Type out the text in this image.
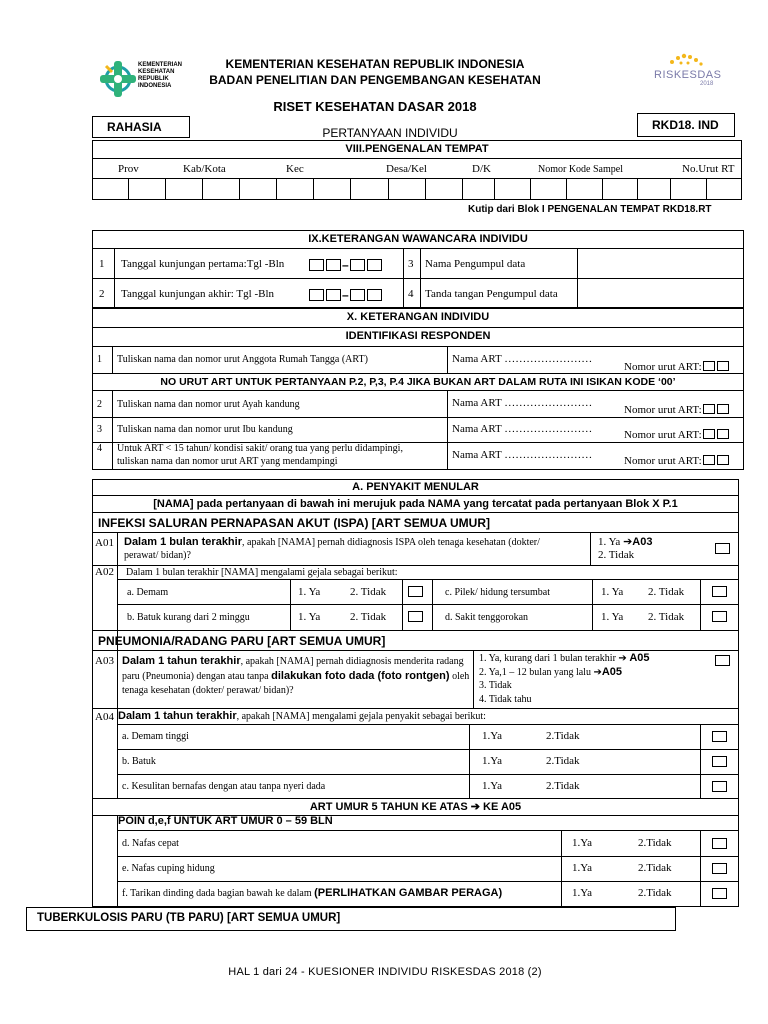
KEMENTERIAN
KESEHATAN
REPUBLIK
INDONESIA
RISKESDAS
2018
KEMENTERIAN KESEHATAN REPUBLIK INDONESIA
BADAN PENELITIAN DAN PENGEMBANGAN KESEHATAN
RISET KESEHATAN DASAR 2018
RAHASIA	RKD18. IND
PERTANYAAN INDIVIDU
VIII.PENGENALAN TEMPAT
Prov	Kab/Kota	Kec	Desa/Kel	D/K	Nomor Kode Sampel	No.Urut RT
Kutip dari Blok I PENGENALAN TEMPAT RKD18.RT
IX.KETERANGAN WAWANCARA INDIVIDU
1 Tanggal kunjungan pertama:Tgl -Bln	–	3 Nama Pengumpul data
2 Tanggal kunjungan akhir: Tgl -Bln	–	4 Tanda tangan Pengumpul data
X. KETERANGAN INDIVIDU
IDENTIFIKASI RESPONDEN
1 Tuliskan nama dan nomor urut Anggota Rumah Tangga (ART)	Nama ART ……………………
Nomor urut ART:
NO URUT ART UNTUK PERTANYAAN P.2, P,3, P.4 JIKA BUKAN ART DALAM RUTA INI ISIKAN KODE ‘00’
2 Tuliskan nama dan nomor urut Ayah kandung	Nama ART ……………………
Nomor urut ART:
3 Tuliskan nama dan nomor urut Ibu kandung	Nama ART ……………………	Nomor urut ART:
4 Untuk ART < 15 tahun/ kondisi sakit/ orang tua yang perlu didampingi,
tuliskan nama dan nomor urut ART yang mendampingi
Nama ART ……………………	Nomor urut ART:
A. PENYAKIT MENULAR
[NAMA] pada pertanyaan di bawah ini merujuk pada NAMA yang tercatat pada pertanyaan Blok X P.1
INFEKSI SALURAN PERNAPASAN AKUT (ISPA) [ART SEMUA UMUR]
A01 Dalam 1 bulan terakhir, apakah [NAMA] pernah didiagnosis ISPA oleh tenaga kesehatan (dokter/
perawat/ bidan)?
1. Ya ➔A03
2. Tidak
A02 Dalam 1 bulan terakhir [NAMA] mengalami gejala sebagai berikut:
a. Demam	1. Ya	2. Tidak	c. Pilek/ hidung tersumbat	1. Ya 2. Tidak
b. Batuk kurang dari 2 minggu	1. Ya	2. Tidak	d. Sakit tenggorokan	1. Ya 2. Tidak
PNEUMONIA/RADANG PARU [ART SEMUA UMUR]
A03 Dalam 1 tahun terakhir, apakah [NAMA] pernah didiagnosis menderita radang
paru (Pneumonia) dengan atau tanpa dilakukan foto dada (foto rontgen) oleh
tenaga kesehatan (dokter/ perawat/ bidan)?
1. Ya, kurang dari 1 bulan terakhir ➔ A05
2. Ya,1 – 12 bulan yang lalu ➔A05
3. Tidak
4. Tidak tahu
A04 Dalam 1 tahun terakhir, apakah [NAMA] mengalami gejala penyakit sebagai berikut:
a. Demam tinggi	1.Ya	2.Tidak
b. Batuk	1.Ya	2.Tidak
c. Kesulitan bernafas dengan atau tanpa nyeri dada	1.Ya	2.Tidak
ART UMUR 5 TAHUN KE ATAS ➔ KE A05
POIN d,e,f UNTUK ART UMUR 0 – 59 BLN
d. Nafas cepat	1.Ya	2.Tidak
e. Nafas cuping hidung	1.Ya	2.Tidak
f. Tarikan dinding dada bagian bawah ke dalam (PERLIHATKAN GAMBAR PERAGA)	1.Ya	2.Tidak
TUBERKULOSIS PARU (TB PARU) [ART SEMUA UMUR]
HAL 1 dari 24 - KUESIONER INDIVIDU RISKESDAS 2018 (2)
